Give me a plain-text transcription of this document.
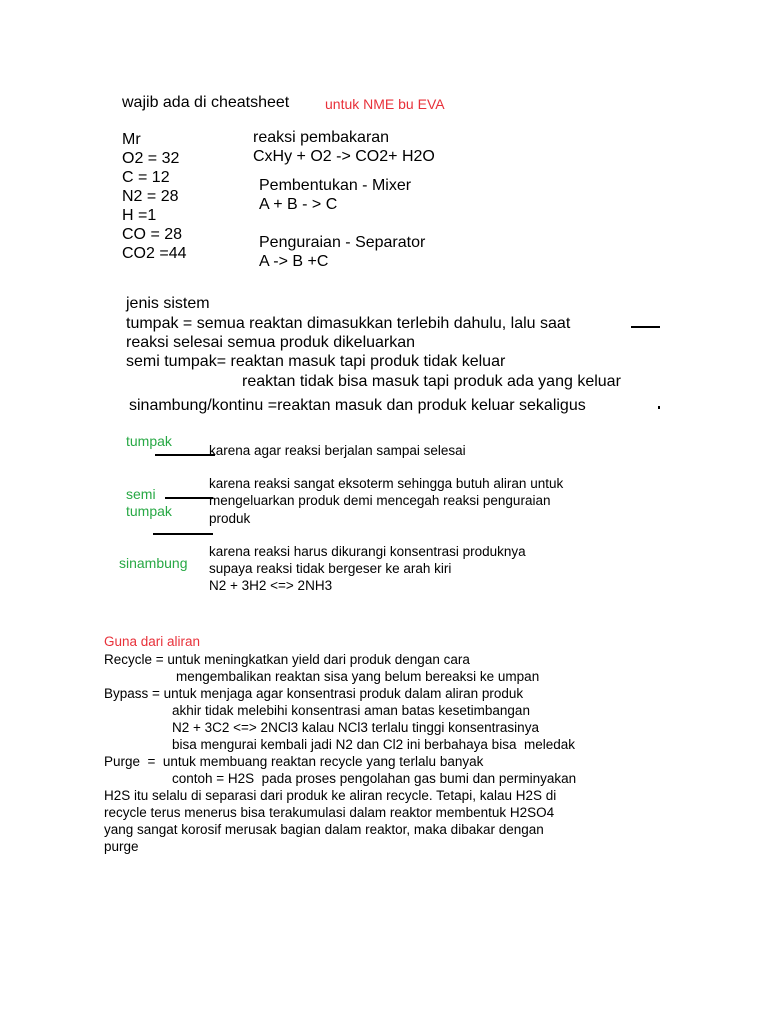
wajib ada di cheatsheet	untuk NME bu EVA
Mr
O2 = 32
C = 12
N2 = 28
H =1
CO = 28
CO2 =44
reaksi pembakaran
CxHy + O2 -> CO2+ H2O
Pembentukan - Mixer
A + B - > C
Penguraian - Separator
A -> B +C
jenis sistem
tumpak = semua reaktan dimasukkan terlebih dahulu, lalu saat
reaksi selesai semua produk dikeluarkan
semi tumpak= reaktan masuk tapi produk tidak keluar
reaktan tidak bisa masuk tapi produk ada yang keluar
sinambung/kontinu =reaktan masuk dan produk keluar sekaligus
tumpak
karena agar reaksi berjalan sampai selesai
semi
tumpak
karena reaksi sangat eksoterm sehingga butuh aliran untuk
mengeluarkan produk demi mencegah reaksi penguraian
produk
sinambung
karena reaksi harus dikurangi konsentrasi produknya
supaya reaksi tidak bergeser ke arah kiri
N2 + 3H2 <=> 2NH3
Guna dari aliran
Recycle = untuk meningkatkan yield dari produk dengan cara
mengembalikan reaktan sisa yang belum bereaksi ke umpan
Bypass = untuk menjaga agar konsentrasi produk dalam aliran produk
akhir tidak melebihi konsentrasi aman batas kesetimbangan
N2 + 3C2 <=> 2NCl3 kalau NCl3 terlalu tinggi konsentrasinya
bisa mengurai kembali jadi N2 dan Cl2 ini berbahaya bisa  meledak
Purge  =  untuk membuang reaktan recycle yang terlalu banyak
contoh = H2S  pada proses pengolahan gas bumi dan perminyakan
H2S itu selalu di separasi dari produk ke aliran recycle. Tetapi, kalau H2S di
recycle terus menerus bisa terakumulasi dalam reaktor membentuk H2SO4
yang sangat korosif merusak bagian dalam reaktor, maka dibakar dengan
purge
